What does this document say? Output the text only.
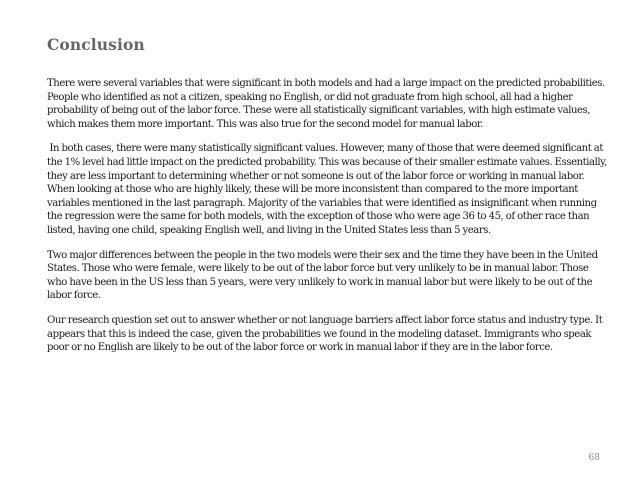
Conclusion

There were several variables that were significant in both models and had a large impact on the predicted probabilities. People who identified as not a citizen, speaking no English, or did not graduate from high school, all had a higher probability of being out of the labor force. These were all statistically significant variables, with high estimate values, which makes them more important. This was also true for the second model for manual labor.

In both cases, there were many statistically significant values. However, many of those that were deemed significant at the 1% level had little impact on the predicted probability. This was because of their smaller estimate values. Essentially, they are less important to determining whether or not someone is out of the labor force or working in manual labor. When looking at those who are highly likely, these will be more inconsistent than compared to the more important variables mentioned in the last paragraph. Majority of the variables that were identified as insignificant when running the regression were the same for both models, with the exception of those who were age 36 to 45, of other race than listed, having one child, speaking English well, and living in the United States less than 5 years.

Two major differences between the people in the two models were their sex and the time they have been in the United States. Those who were female, were likely to be out of the labor force but very unlikely to be in manual labor. Those who have been in the US less than 5 years, were very unlikely to work in manual labor but were likely to be out of the labor force.

Our research question set out to answer whether or not language barriers affect labor force status and industry type. It appears that this is indeed the case, given the probabilities we found in the modeling dataset. Immigrants who speak poor or no English are likely to be out of the labor force or work in manual labor if they are in the labor force.

68
